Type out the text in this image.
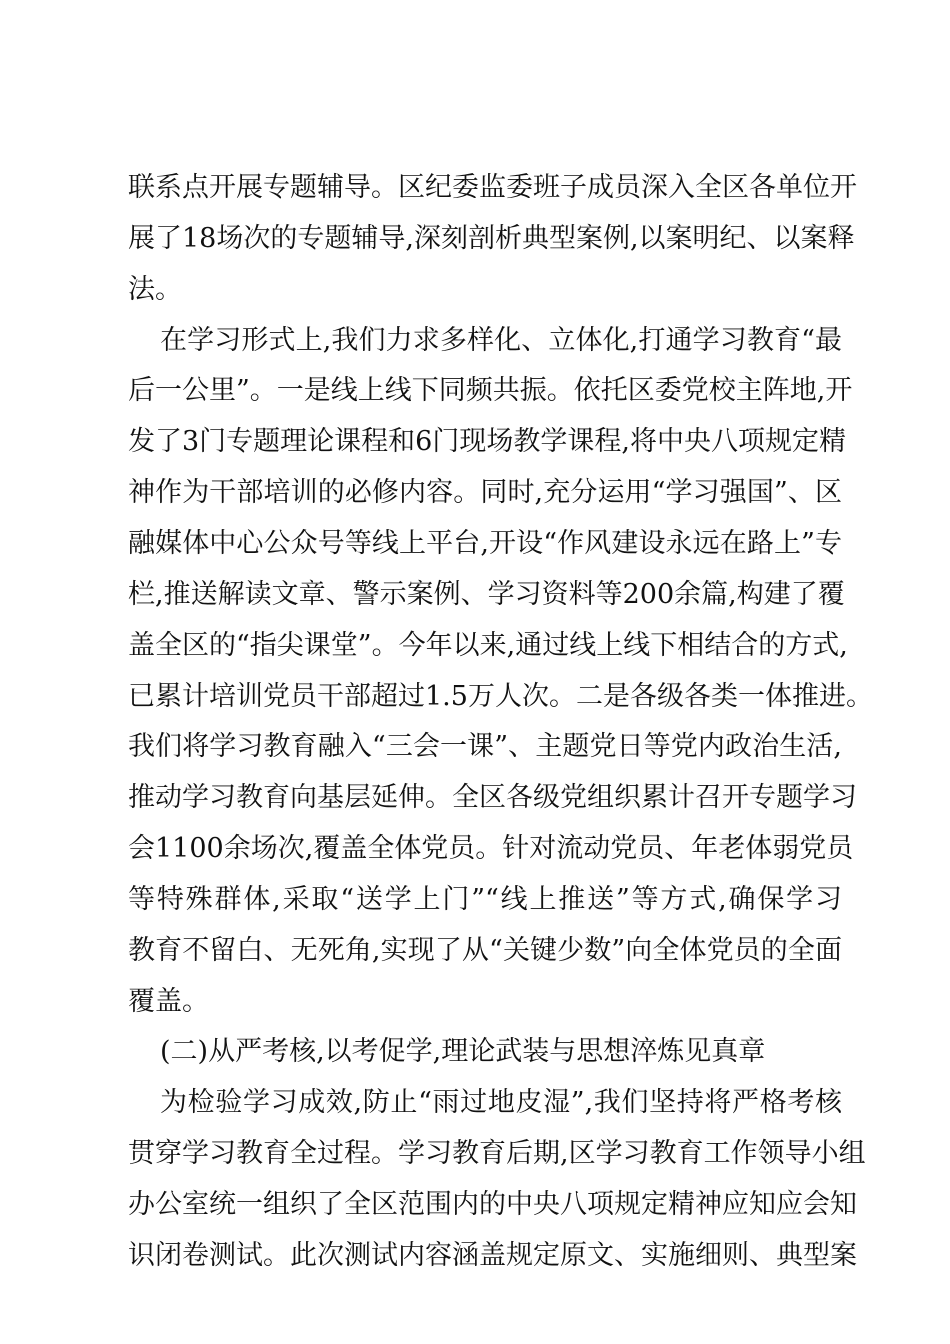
联系点开展专题辅导。区纪委监委班子成员深入全区各单位开
展了18场次的专题辅导,深刻剖析典型案例,以案明纪、以案释
法。
在学习形式上,我们力求多样化、立体化,打通学习教育“最
后一公里”。一是线上线下同频共振。依托区委党校主阵地,开
发了3门专题理论课程和6门现场教学课程,将中央八项规定精
神作为干部培训的必修内容。同时,充分运用“学习强国”、区
融媒体中心公众号等线上平台,开设“作风建设永远在路上”专
栏,推送解读文章、警示案例、学习资料等200余篇,构建了覆
盖全区的“指尖课堂”。今年以来,通过线上线下相结合的方式,
已累计培训党员干部超过1.5万人次。二是各级各类一体推进。
我们将学习教育融入“三会一课”、主题党日等党内政治生活,
推动学习教育向基层延伸。全区各级党组织累计召开专题学习
会1100余场次,覆盖全体党员。针对流动党员、年老体弱党员
等特殊群体,采取“送学上门”“线上推送”等方式,确保学习
教育不留白、无死角,实现了从“关键少数”向全体党员的全面
覆盖。
(二)从严考核,以考促学,理论武装与思想淬炼见真章
为检验学习成效,防止“雨过地皮湿”,我们坚持将严格考核
贯穿学习教育全过程。学习教育后期,区学习教育工作领导小组
办公室统一组织了全区范围内的中央八项规定精神应知应会知
识闭卷测试。此次测试内容涵盖规定原文、实施细则、典型案
